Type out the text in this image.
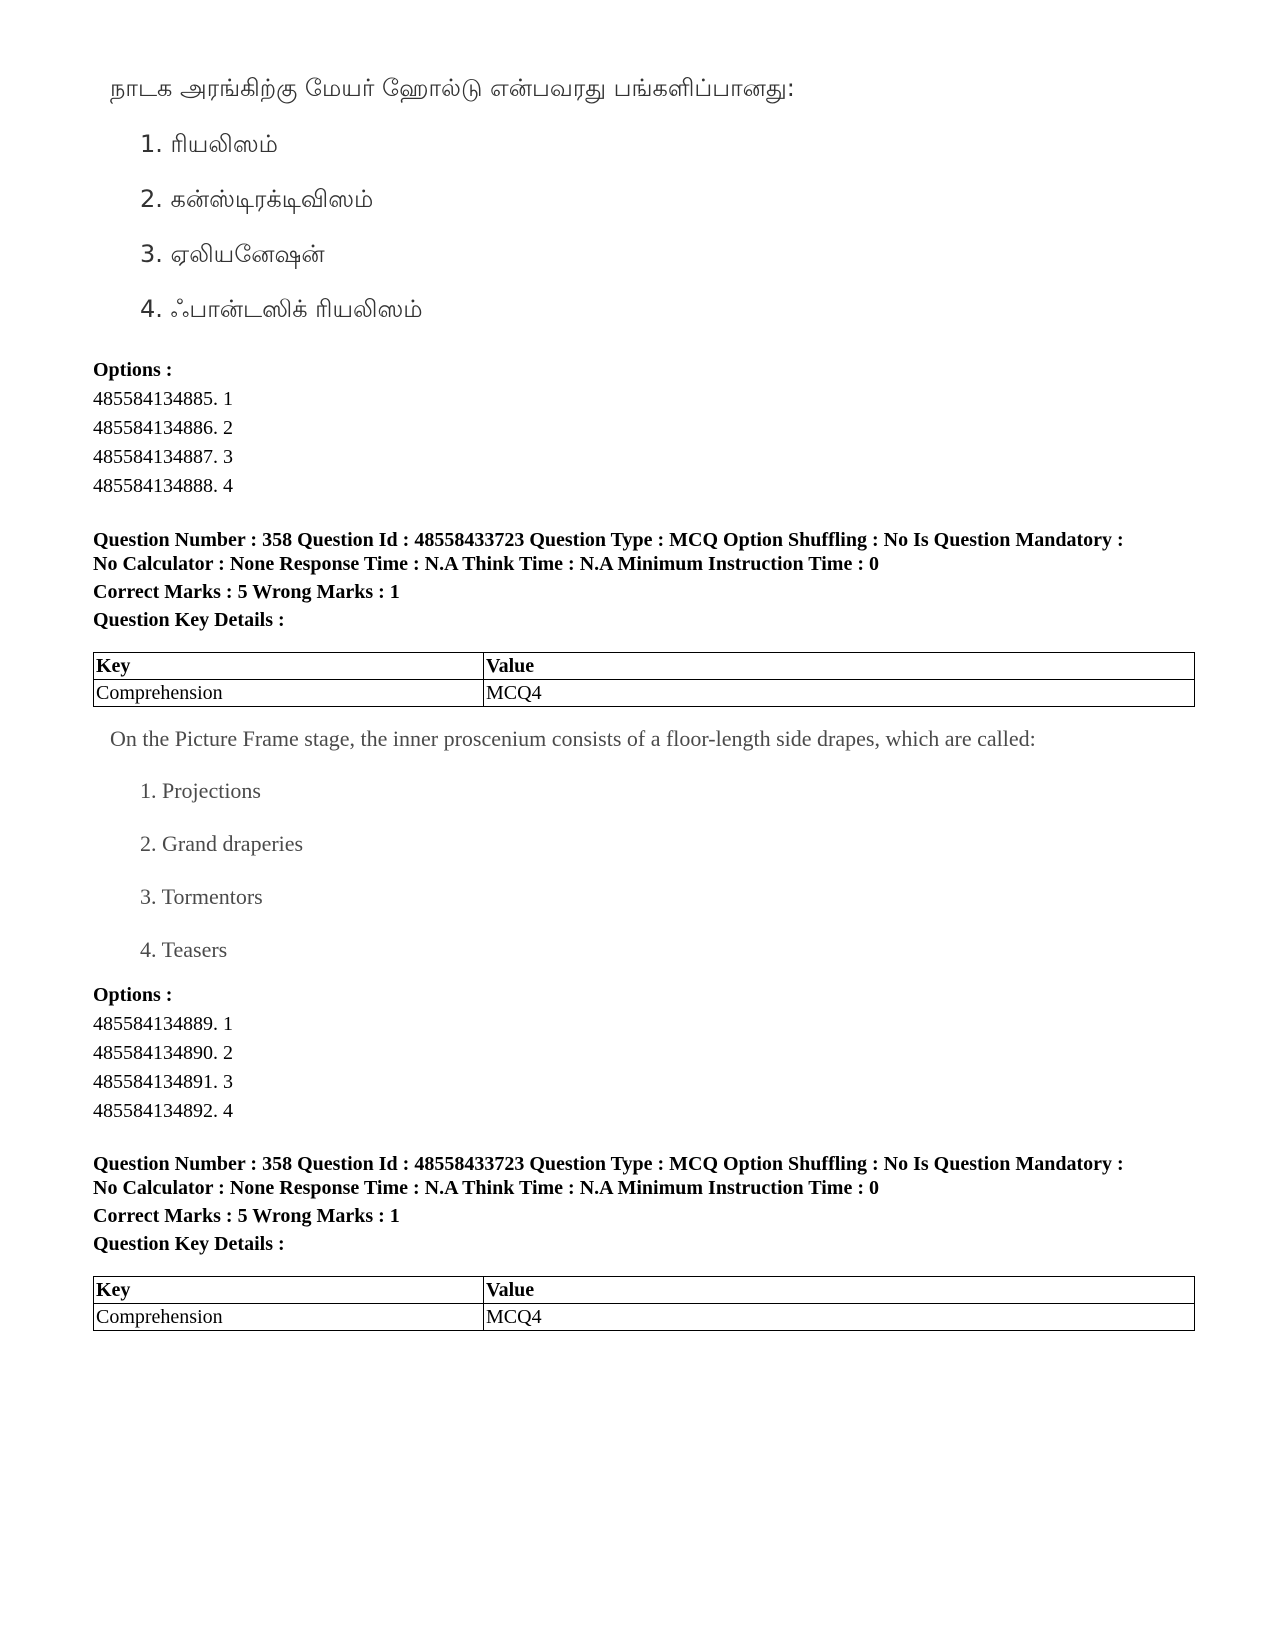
நாடக அரங்கிற்கு மேயர் ஹோல்டு என்பவரது பங்களிப்பானது:
1. ரியலிஸம்
2. கன்ஸ்டிரக்டிவிஸம்
3. ஏலியனேஷன்
4. ஃபான்டஸிக் ரியலிஸம்
Options :
485584134885. 1
485584134886. 2
485584134887. 3
485584134888. 4
Question Number : 358 Question Id : 48558433723 Question Type : MCQ Option Shuffling : No Is Question Mandatory :
No Calculator : None Response Time : N.A Think Time : N.A Minimum Instruction Time : 0
Correct Marks : 5 Wrong Marks : 1
Question Key Details :
Key	Value
Comprehension	MCQ4
On the Picture Frame stage, the inner proscenium consists of a floor-length side drapes, which are called:
1. Projections
2. Grand draperies
3. Tormentors
4. Teasers
Options :
485584134889. 1
485584134890. 2
485584134891. 3
485584134892. 4
Question Number : 358 Question Id : 48558433723 Question Type : MCQ Option Shuffling : No Is Question Mandatory :
No Calculator : None Response Time : N.A Think Time : N.A Minimum Instruction Time : 0
Correct Marks : 5 Wrong Marks : 1
Question Key Details :
Key	Value
Comprehension	MCQ4
